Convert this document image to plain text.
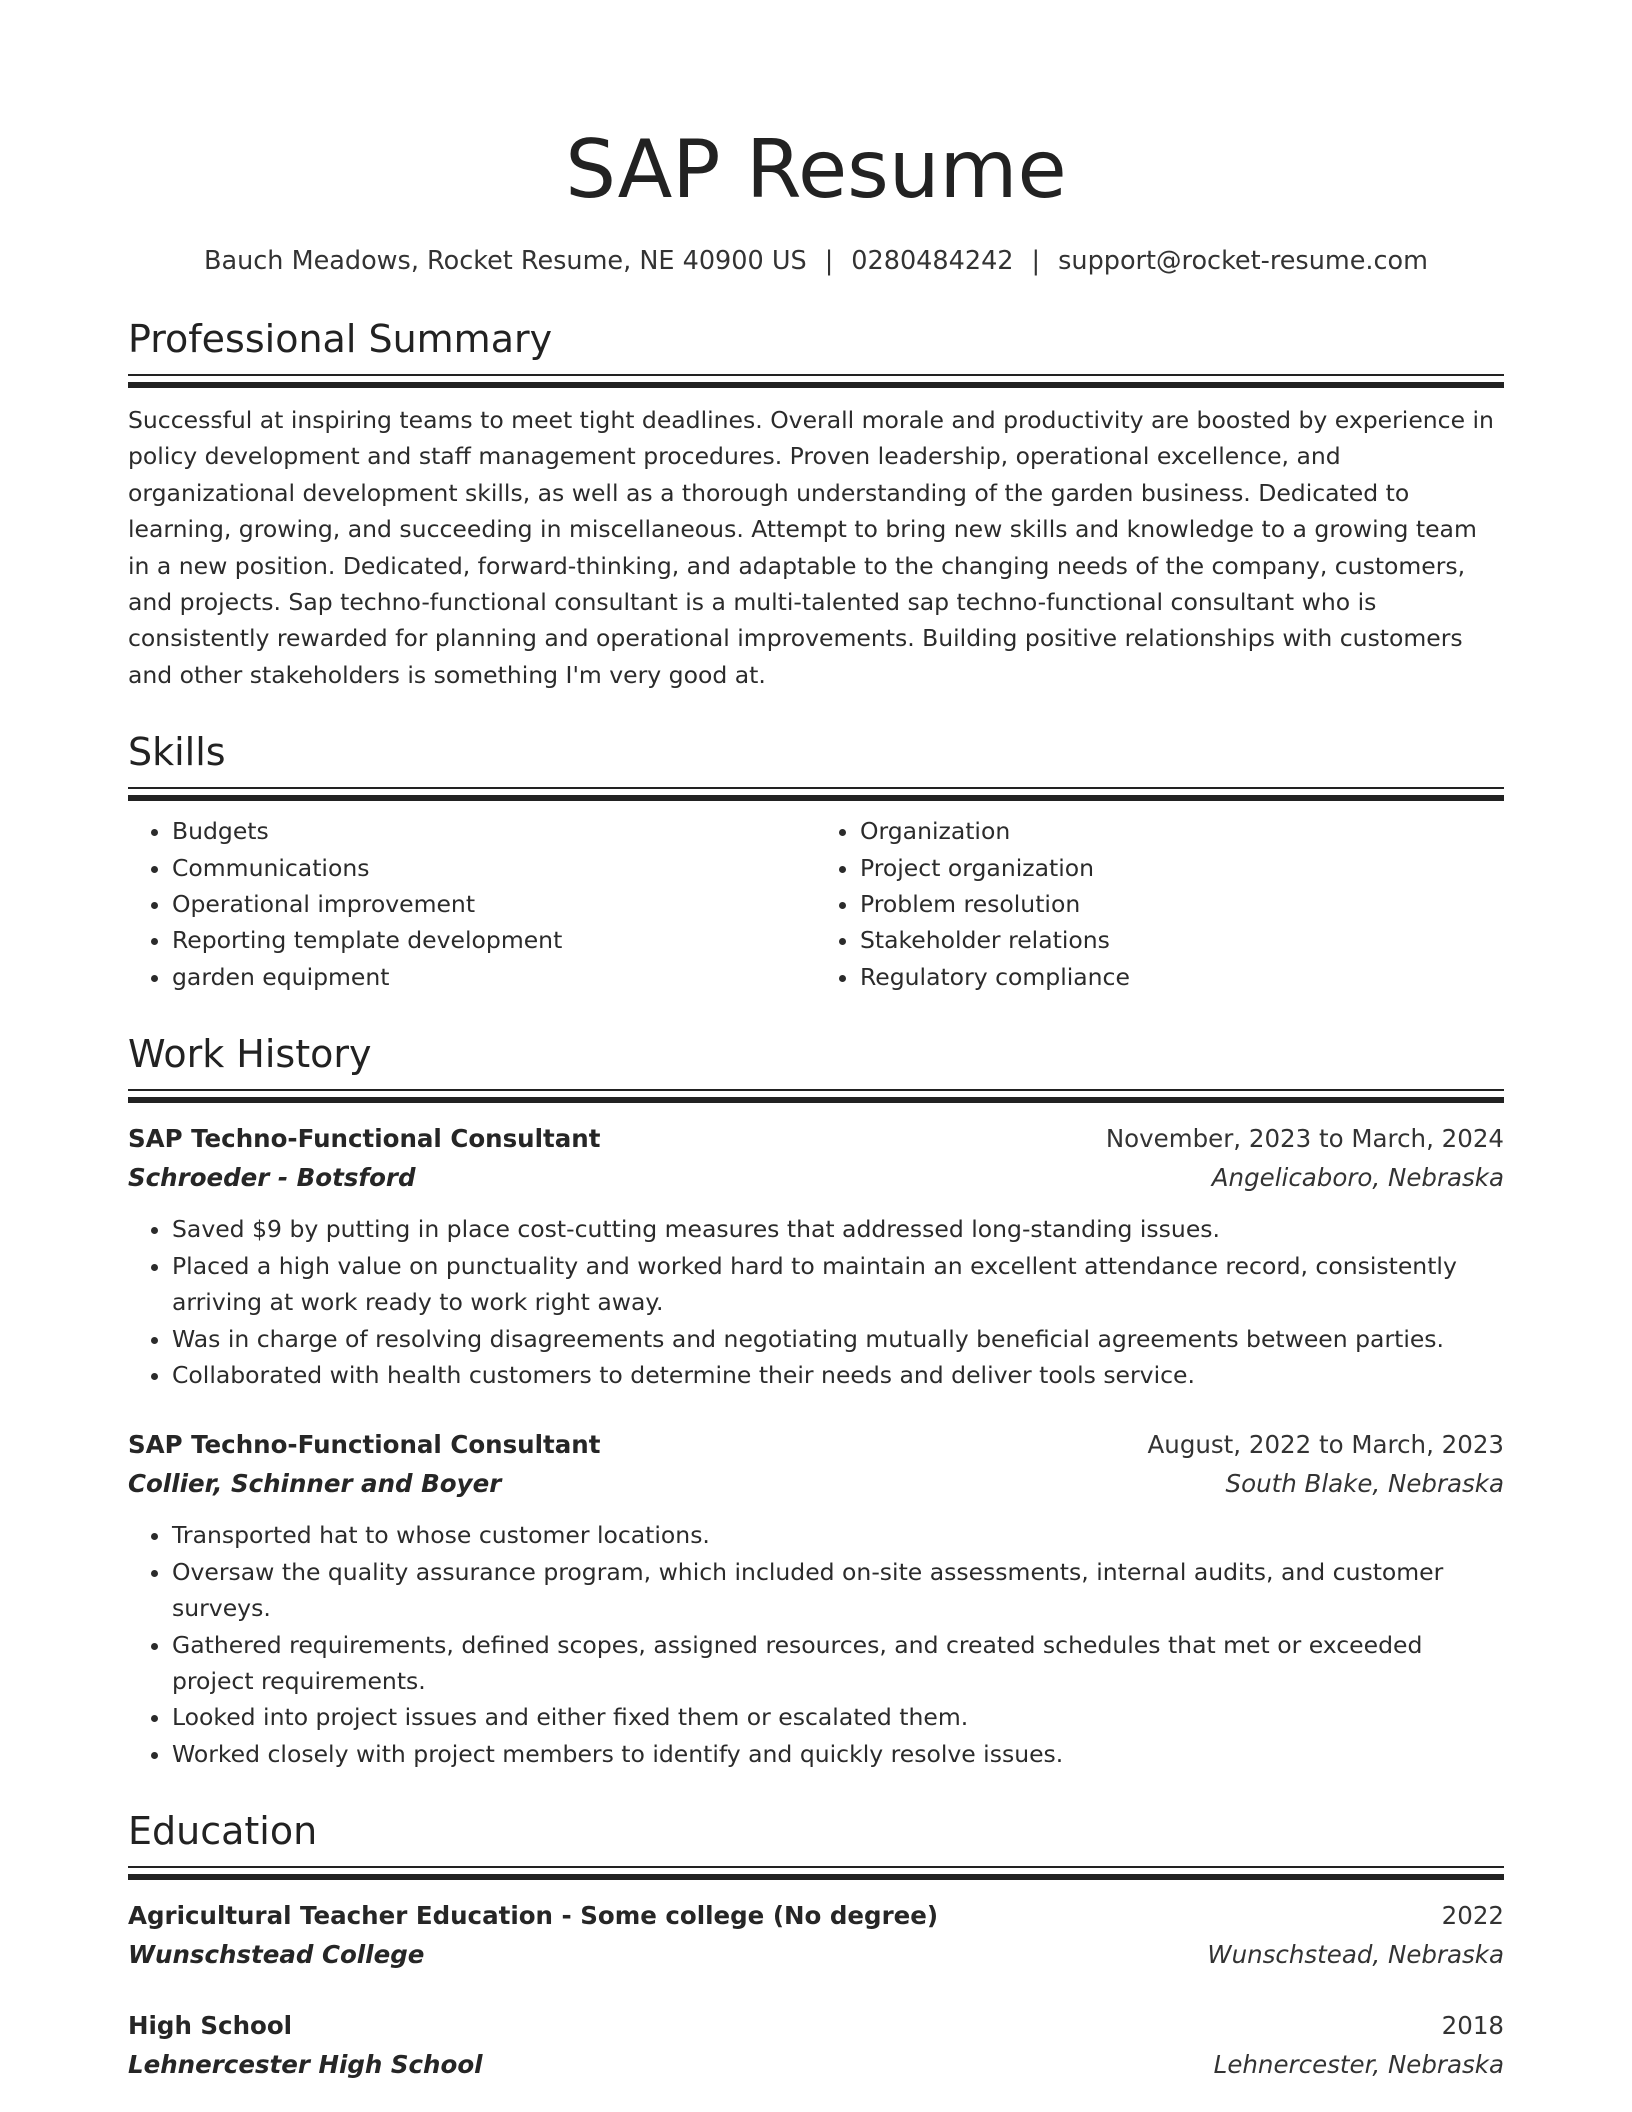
SAP Resume
Bauch Meadows, Rocket Resume, NE 40900 US | 0280484242 | support@rocket-resume.com
Professional Summary
Successful at inspiring teams to meet tight deadlines. Overall morale and productivity are boosted by experience in policy development and staff management procedures. Proven leadership, operational excellence, and organizational development skills, as well as a thorough understanding of the garden business. Dedicated to learning, growing, and succeeding in miscellaneous. Attempt to bring new skills and knowledge to a growing team in a new position. Dedicated, forward-thinking, and adaptable to the changing needs of the company, customers, and projects. Sap techno-functional consultant is a multi-talented sap techno-functional consultant who is consistently rewarded for planning and operational improvements. Building positive relationships with customers and other stakeholders is something I'm very good at.
Skills
• Budgets
• Communications
• Operational improvement
• Reporting template development
• garden equipment
• Organization
• Project organization
• Problem resolution
• Stakeholder relations
• Regulatory compliance
Work History
SAP Techno-Functional Consultant	November, 2023 to March, 2024
Schroeder - Botsford	Angelicaboro, Nebraska
• Saved $9 by putting in place cost-cutting measures that addressed long-standing issues.
• Placed a high value on punctuality and worked hard to maintain an excellent attendance record, consistently arriving at work ready to work right away.
• Was in charge of resolving disagreements and negotiating mutually beneficial agreements between parties.
• Collaborated with health customers to determine their needs and deliver tools service.
SAP Techno-Functional Consultant	August, 2022 to March, 2023
Collier, Schinner and Boyer	South Blake, Nebraska
• Transported hat to whose customer locations.
• Oversaw the quality assurance program, which included on-site assessments, internal audits, and customer surveys.
• Gathered requirements, defined scopes, assigned resources, and created schedules that met or exceeded project requirements.
• Looked into project issues and either fixed them or escalated them.
• Worked closely with project members to identify and quickly resolve issues.
Education
Agricultural Teacher Education - Some college (No degree)	2022
Wunschstead College	Wunschstead, Nebraska
High School	2018
Lehnercester High School	Lehnercester, Nebraska
